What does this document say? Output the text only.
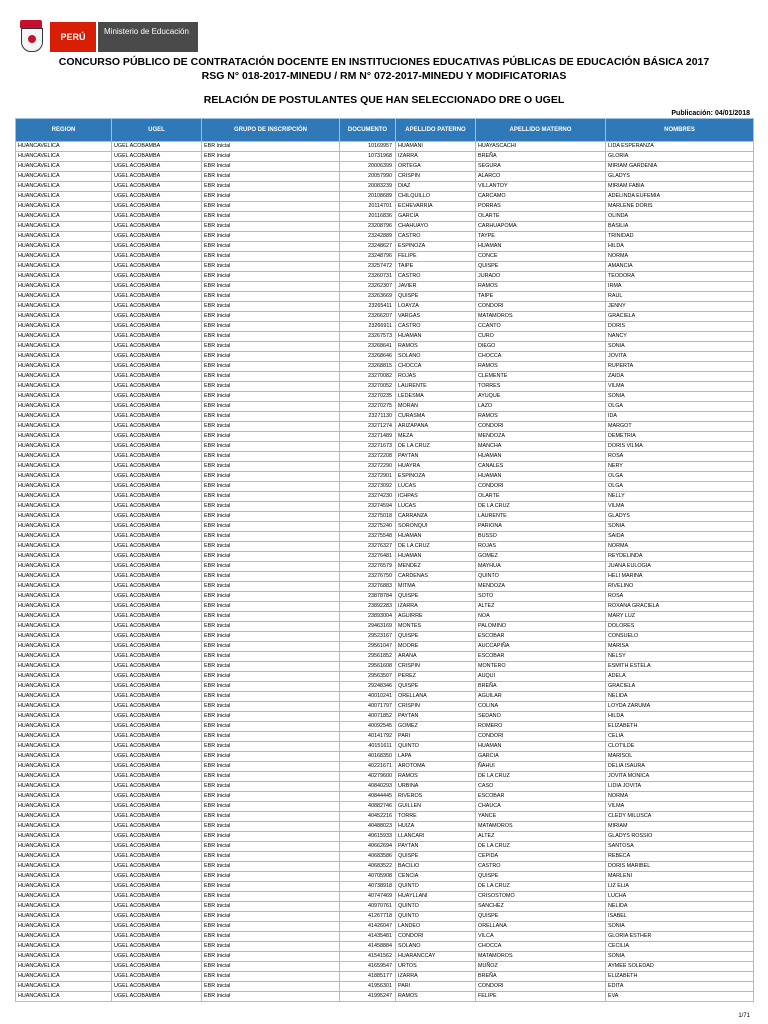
PERÚ
Ministerio de Educación
CONCURSO PÚBLICO DE CONTRATACIÓN DOCENTE EN INSTITUCIONES EDUCATIVAS PÚBLICAS DE EDUCACIÓN BÁSICA 2017
RSG N° 018-2017-MINEDU / RM N° 072-2017-MINEDU Y MODIFICATORIAS
RELACIÓN DE POSTULANTES QUE HAN SELECCIONADO DRE O UGEL
Publicación: 04/01/2018
REGION	UGEL	GRUPO DE INSCRIPCIÓN	DOCUMENTO	APELLIDO PATERNO	APELLIDO MATERNO	NOMBRES
HUANCAVELICA	UGEL ACOBAMBA	EBR Inicial	10169957	HUAMANI	HUAYASCACHI	LIDA ESPERANZA
HUANCAVELICA	UGEL ACOBAMBA	EBR Inicial	10731968	IZARRA	BREÑA	GLORIA
HUANCAVELICA	UGEL ACOBAMBA	EBR Inicial	20006399	ORTEGA	SEGURA	MIRIAM GARDENIA
HUANCAVELICA	UGEL ACOBAMBA	EBR Inicial	20057990	CRISPIN	ALARCO	GLADYS
HUANCAVELICA	UGEL ACOBAMBA	EBR Inicial	20083239	DIAZ	VILLANTOY	MIRIAM FABIA
HUANCAVELICA	UGEL ACOBAMBA	EBR Inicial	20108689	CHILQUILLO	CARCAMO	ADELINDA EUFEMIA
HUANCAVELICA	UGEL ACOBAMBA	EBR Inicial	20114701	ECHEVARRIA	PORRAS	MARLENE DORIS
HUANCAVELICA	UGEL ACOBAMBA	EBR Inicial	20116836	GARCIA	OLARTE	OLINDA
HUANCAVELICA	UGEL ACOBAMBA	EBR Inicial	23208796	CHAHUAYO	CARHUAPOMA	BASILIA
HUANCAVELICA	UGEL ACOBAMBA	EBR Inicial	23242889	CASTRO	TAYPE	TRINIDAD
HUANCAVELICA	UGEL ACOBAMBA	EBR Inicial	23248627	ESPINOZA	HUAMAN	HILDA
HUANCAVELICA	UGEL ACOBAMBA	EBR Inicial	23248796	FELIPE	CONCE	NORMA
HUANCAVELICA	UGEL ACOBAMBA	EBR Inicial	23257472	TAIPE	QUISPE	AMANCIA
HUANCAVELICA	UGEL ACOBAMBA	EBR Inicial	23260731	CASTRO	JURADO	TEODORA
HUANCAVELICA	UGEL ACOBAMBA	EBR Inicial	23262307	JAVIER	RAMOS	IRMA
HUANCAVELICA	UGEL ACOBAMBA	EBR Inicial	23263669	QUISPE	TAIPE	RAUL
HUANCAVELICA	UGEL ACOBAMBA	EBR Inicial	23265411	LOAYZA	CONDORI	JENNY
HUANCAVELICA	UGEL ACOBAMBA	EBR Inicial	23266207	VARGAS	MATAMOROS	GRACIELA
HUANCAVELICA	UGEL ACOBAMBA	EBR Inicial	23266911	CASTRO	CCANTO	DORIS
HUANCAVELICA	UGEL ACOBAMBA	EBR Inicial	23267573	HUAMAN	CURO	NANCY
HUANCAVELICA	UGEL ACOBAMBA	EBR Inicial	23268641	RAMOS	DIEGO	SONIA
HUANCAVELICA	UGEL ACOBAMBA	EBR Inicial	23268646	SOLANO	CHOCCA	JOVITA
HUANCAVELICA	UGEL ACOBAMBA	EBR Inicial	23268815	CHOCCA	RAMOS	RUPERTA
HUANCAVELICA	UGEL ACOBAMBA	EBR Inicial	23270082	ROJAS	CLEMENTE	ZAIDA
HUANCAVELICA	UGEL ACOBAMBA	EBR Inicial	23270052	LAURENTE	TORRES	VILMA
HUANCAVELICA	UGEL ACOBAMBA	EBR Inicial	23270235	LEDESMA	AYUQUE	SONIA
HUANCAVELICA	UGEL ACOBAMBA	EBR Inicial	23270275	MORAN	LAZO	OLGA
HUANCAVELICA	UGEL ACOBAMBA	EBR Inicial	23271130	CURASMA	RAMOS	IDA
HUANCAVELICA	UGEL ACOBAMBA	EBR Inicial	23271274	ARIZAPANA	CONDORI	MARGOT
HUANCAVELICA	UGEL ACOBAMBA	EBR Inicial	23271489	MEZA	MENDOZA	DEMETRIA
HUANCAVELICA	UGEL ACOBAMBA	EBR Inicial	23271673	DE LA CRUZ	MANCHA	DORIS VILMA
HUANCAVELICA	UGEL ACOBAMBA	EBR Inicial	23272208	PAYTAN	HUAMAN	ROSA
HUANCAVELICA	UGEL ACOBAMBA	EBR Inicial	23272290	HUAYRA	CANALES	NERY
HUANCAVELICA	UGEL ACOBAMBA	EBR Inicial	23272901	ESPINOZA	HUAMAN	OLGA
HUANCAVELICA	UGEL ACOBAMBA	EBR Inicial	23273092	LUCAS	CONDORI	OLGA
HUANCAVELICA	UGEL ACOBAMBA	EBR Inicial	23274230	ICHPAS	OLARTE	NELLY
HUANCAVELICA	UGEL ACOBAMBA	EBR Inicial	23274594	LUCAS	DE LA CRUZ	VILMA
HUANCAVELICA	UGEL ACOBAMBA	EBR Inicial	23275018	CARRANZA	LAURENTE	GLADYS
HUANCAVELICA	UGEL ACOBAMBA	EBR Inicial	23275240	SORONQUI	PARIONA	SONIA
HUANCAVELICA	UGEL ACOBAMBA	EBR Inicial	23275548	HUAMAN	BUSSO	SAIDA
HUANCAVELICA	UGEL ACOBAMBA	EBR Inicial	23276327	DE LA CRUZ	ROJAS	NORMA
HUANCAVELICA	UGEL ACOBAMBA	EBR Inicial	23276481	HUAMAN	GOMEZ	REYDELINDA
HUANCAVELICA	UGEL ACOBAMBA	EBR Inicial	23276579	MENDEZ	MAYHUA	JUANA EULOGIA
HUANCAVELICA	UGEL ACOBAMBA	EBR Inicial	23276750	CARDENAS	QUINTO	HELI MARINA
HUANCAVELICA	UGEL ACOBAMBA	EBR Inicial	23276883	MITMA	MENDOZA	RIVELINO
HUANCAVELICA	UGEL ACOBAMBA	EBR Inicial	23878784	QUISPE	SOTO	ROSA
HUANCAVELICA	UGEL ACOBAMBA	EBR Inicial	23892283	IZARRA	ALTEZ	ROXANA GRACIELA
HUANCAVELICA	UGEL ACOBAMBA	EBR Inicial	23893004	AGUIRRE	NOA	MARY LUZ
HUANCAVELICA	UGEL ACOBAMBA	EBR Inicial	29463169	MONTES	PALOMINO	DOLORES
HUANCAVELICA	UGEL ACOBAMBA	EBR Inicial	29523167	QUISPE	ESCOBAR	CONSUELO
HUANCAVELICA	UGEL ACOBAMBA	EBR Inicial	29561047	MOORE	AUCCAPIÑA	MARISA
HUANCAVELICA	UGEL ACOBAMBA	EBR Inicial	29561852	ARANA	ESCOBAR	NELSY
HUANCAVELICA	UGEL ACOBAMBA	EBR Inicial	29561608	CRISPIN	MONTERO	ESMITH ESTELA
HUANCAVELICA	UGEL ACOBAMBA	EBR Inicial	29563507	PEREZ	AUQUI	ADELA
HUANCAVELICA	UGEL ACOBAMBA	EBR Inicial	29248346	QUISPE	BREÑA	GRACIELA
HUANCAVELICA	UGEL ACOBAMBA	EBR Inicial	40010241	ORELLANA	AGUILAR	NELIDA
HUANCAVELICA	UGEL ACOBAMBA	EBR Inicial	40071797	CRISPIN	COLINA	LOYDA ZARUMA
HUANCAVELICA	UGEL ACOBAMBA	EBR Inicial	40071852	PAYTAN	SEDANO	HILDA
HUANCAVELICA	UGEL ACOBAMBA	EBR Inicial	40092545	GOMEZ	ROMERO	ELIZABETH
HUANCAVELICA	UGEL ACOBAMBA	EBR Inicial	40141792	PARI	CONDORI	CELIA
HUANCAVELICA	UGEL ACOBAMBA	EBR Inicial	40151611	QUINTO	HUAMAN	CLOTILDE
HUANCAVELICA	UGEL ACOBAMBA	EBR Inicial	40168350	LAPA	GARCIA	MARISOL
HUANCAVELICA	UGEL ACOBAMBA	EBR Inicial	40221671	AROTOMA	ÑAHUI	DELIA ISAURA
HUANCAVELICA	UGEL ACOBAMBA	EBR Inicial	40279600	RAMOS	DE LA CRUZ	JOVITA MONICA
HUANCAVELICA	UGEL ACOBAMBA	EBR Inicial	40840293	URBINA	CASO	LIDIA JOVITA
HUANCAVELICA	UGEL ACOBAMBA	EBR Inicial	40844445	RIVEROS	ESCOBAR	NORMA
HUANCAVELICA	UGEL ACOBAMBA	EBR Inicial	40882746	GUILLEN	CHAUCA	VILMA
HUANCAVELICA	UGEL ACOBAMBA	EBR Inicial	40452216	TORRE	YANCE	CLEDY MILUSCA
HUANCAVELICA	UGEL ACOBAMBA	EBR Inicial	40488023	HUIZA	MATAMOROS	MIRIAM
HUANCAVELICA	UGEL ACOBAMBA	EBR Inicial	40615933	LLANCARI	ALTEZ	GLADYS ROSSIO
HUANCAVELICA	UGEL ACOBAMBA	EBR Inicial	40662694	PAYTAN	DE LA CRUZ	SANTOSA
HUANCAVELICA	UGEL ACOBAMBA	EBR Inicial	40683586	QUISPE	CEPIDA	REBECA
HUANCAVELICA	UGEL ACOBAMBA	EBR Inicial	40683522	BACILIO	CASTRO	DORIS MARIBEL
HUANCAVELICA	UGEL ACOBAMBA	EBR Inicial	40705908	CENCIA	QUISPE	MARLENI
HUANCAVELICA	UGEL ACOBAMBA	EBR Inicial	40738918	QUINTO	DE LA CRUZ	LIZ ELIA
HUANCAVELICA	UGEL ACOBAMBA	EBR Inicial	40747469	HUAYLLANI	CRISOSTOMO	LUCHA
HUANCAVELICA	UGEL ACOBAMBA	EBR Inicial	40970761	QUINTO	SANCHEZ	NELIDA
HUANCAVELICA	UGEL ACOBAMBA	EBR Inicial	41267718	QUINTO	QUISPE	ISABEL
HUANCAVELICA	UGEL ACOBAMBA	EBR Inicial	41426047	LANDEO	ORELLANA	SONIA
HUANCAVELICA	UGEL ACOBAMBA	EBR Inicial	41435481	CONDORI	VILCA	GLORIA ESTHER
HUANCAVELICA	UGEL ACOBAMBA	EBR Inicial	41458884	SOLANO	CHOCCA	CECILIA
HUANCAVELICA	UGEL ACOBAMBA	EBR Inicial	41541562	HUARANCCAY	MATAMOROS	SONIA
HUANCAVELICA	UGEL ACOBAMBA	EBR Inicial	41659547	URTOS	MUÑOZ	AYMEE SOLEDAD
HUANCAVELICA	UGEL ACOBAMBA	EBR Inicial	41885177	IZARRA	BREÑA	ELIZABETH
HUANCAVELICA	UGEL ACOBAMBA	EBR Inicial	41956301	PARI	CONDORI	EDITA
HUANCAVELICA	UGEL ACOBAMBA	EBR Inicial	41995247	RAMOS	FELIPE	EVA
1/71
